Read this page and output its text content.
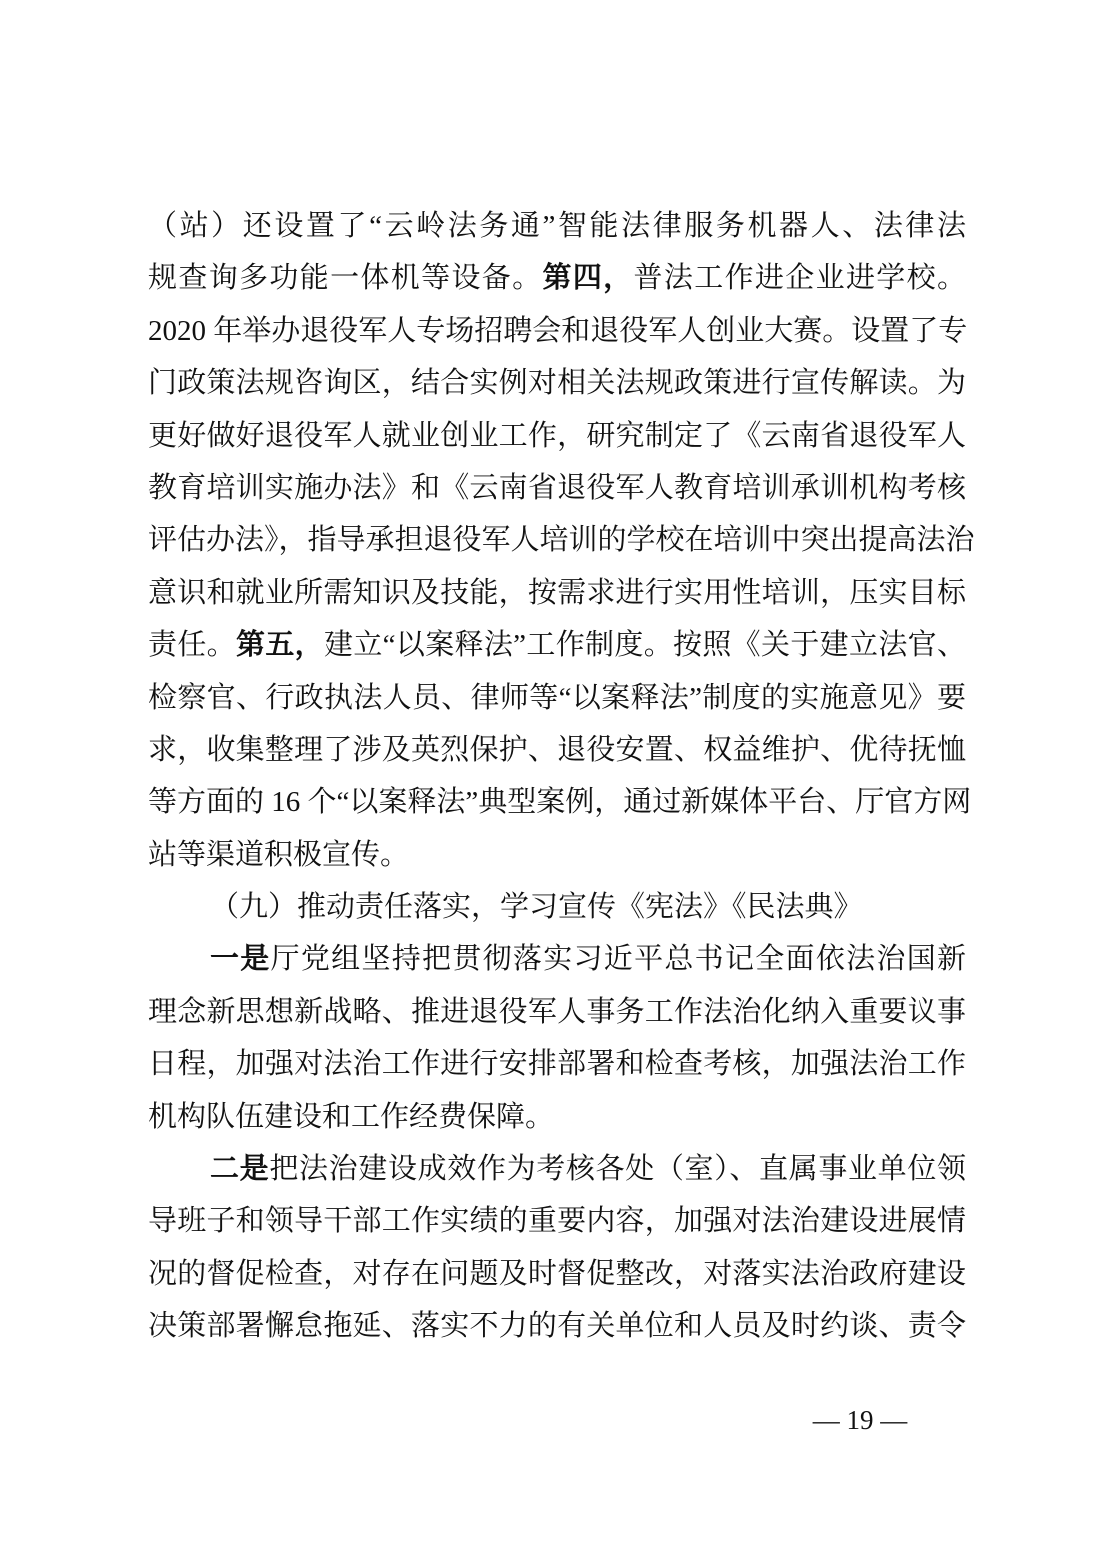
（站）还设置了“云岭法务通”智能法律服务机器人、法律法
规查询多功能一体机等设备。第四，普法工作进企业进学校。
2020 年举办退役军人专场招聘会和退役军人创业大赛。设置了专
门政策法规咨询区，结合实例对相关法规政策进行宣传解读。为
更好做好退役军人就业创业工作，研究制定了《云南省退役军人
教育培训实施办法》和《云南省退役军人教育培训承训机构考核
评估办法》，指导承担退役军人培训的学校在培训中突出提高法治
意识和就业所需知识及技能，按需求进行实用性培训，压实目标
责任。第五，建立“以案释法”工作制度。按照《关于建立法官、
检察官、行政执法人员、律师等“以案释法”制度的实施意见》要
求，收集整理了涉及英烈保护、退役安置、权益维护、优待抚恤
等方面的 16 个“以案释法”典型案例，通过新媒体平台、厅官方网
站等渠道积极宣传。
（九）推动责任落实，学习宣传《宪法》《民法典》
一是厅党组坚持把贯彻落实习近平总书记全面依法治国新
理念新思想新战略、推进退役军人事务工作法治化纳入重要议事
日程，加强对法治工作进行安排部署和检查考核，加强法治工作
机构队伍建设和工作经费保障。
二是把法治建设成效作为考核各处（室）、直属事业单位领
导班子和领导干部工作实绩的重要内容，加强对法治建设进展情
况的督促检查，对存在问题及时督促整改，对落实法治政府建设
决策部署懈怠拖延、落实不力的有关单位和人员及时约谈、责令
— 19 —
